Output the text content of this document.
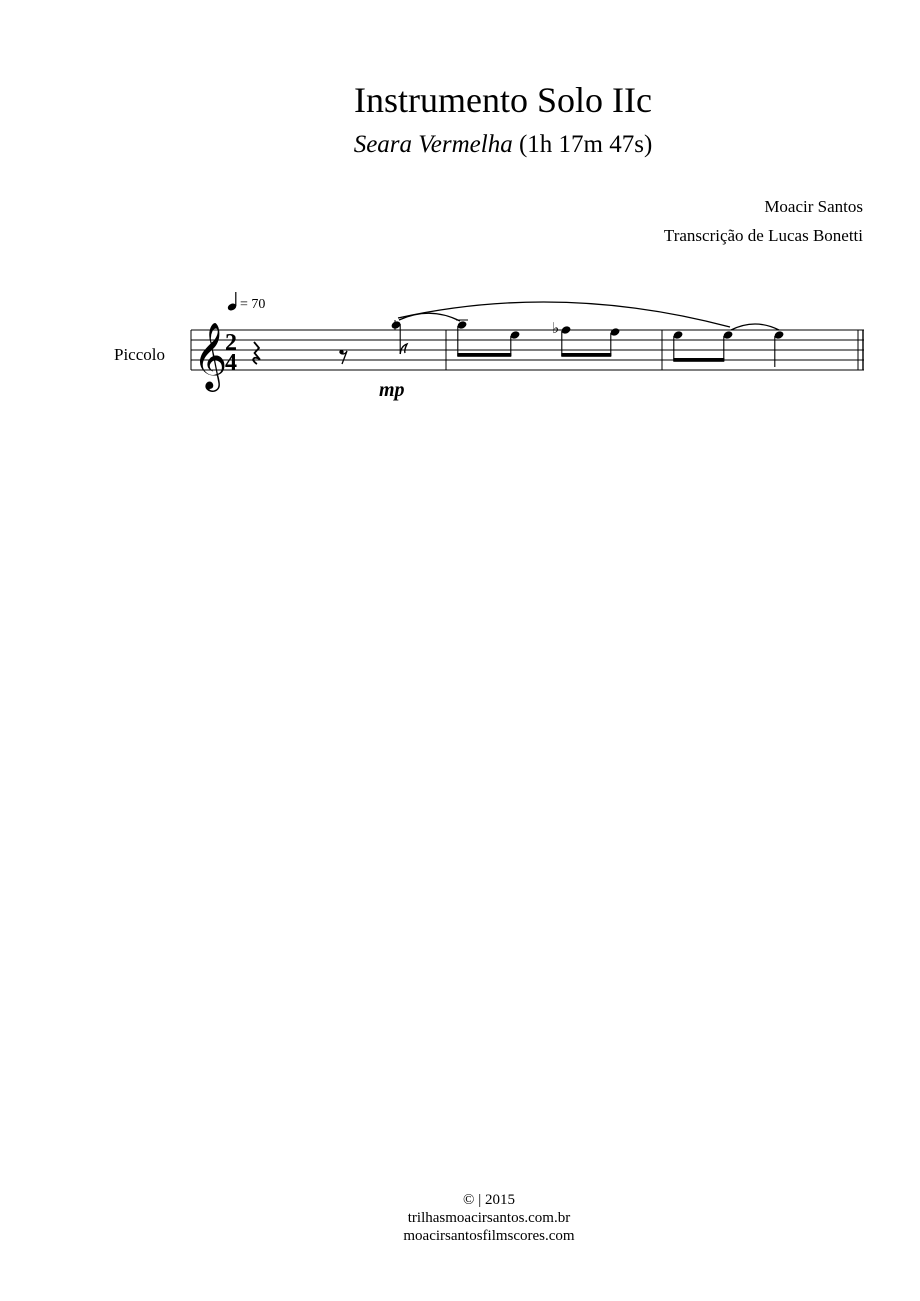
Instrumento Solo IIc
Seara Vermelha (1h 17m 47s)
Moacir Santos
Transcrição de Lucas Bonetti
Piccolo
= 70
mp
𝄞
2
4
♭
© | 2015
trilhasmoacirsantos.com.br
moacirsantosfilmscores.com
